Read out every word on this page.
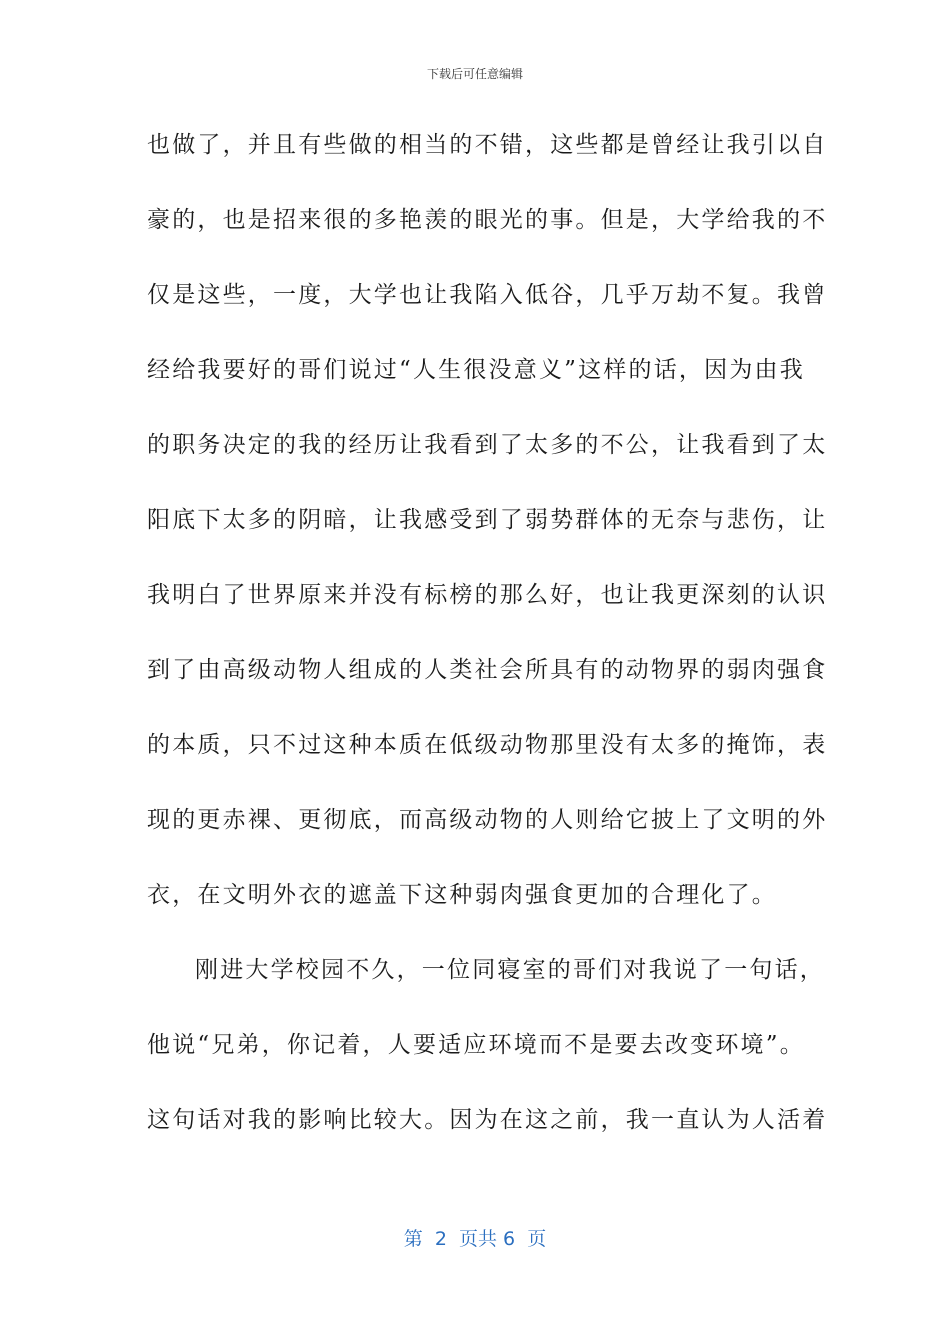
下载后可任意编辑
也做了，并且有些做的相当的不错，这些都是曾经让我引以自
豪的，也是招来很的多艳羡的眼光的事。但是，大学给我的不
仅是这些，一度，大学也让我陷入低谷，几乎万劫不复。我曾
经给我要好的哥们说过“人生很没意义”这样的话，因为由我
的职务决定的我的经历让我看到了太多的不公，让我看到了太
阳底下太多的阴暗，让我感受到了弱势群体的无奈与悲伤，让
我明白了世界原来并没有标榜的那么好，也让我更深刻的认识
到了由高级动物人组成的人类社会所具有的动物界的弱肉强食
的本质，只不过这种本质在低级动物那里没有太多的掩饰，表
现的更赤裸、更彻底，而高级动物的人则给它披上了文明的外
衣，在文明外衣的遮盖下这种弱肉强食更加的合理化了。
刚进大学校园不久，一位同寝室的哥们对我说了一句话，
他说“兄弟，你记着，人要适应环境而不是要去改变环境”。
这句话对我的影响比较大。因为在这之前，我一直认为人活着
第  2  页共 6  页
